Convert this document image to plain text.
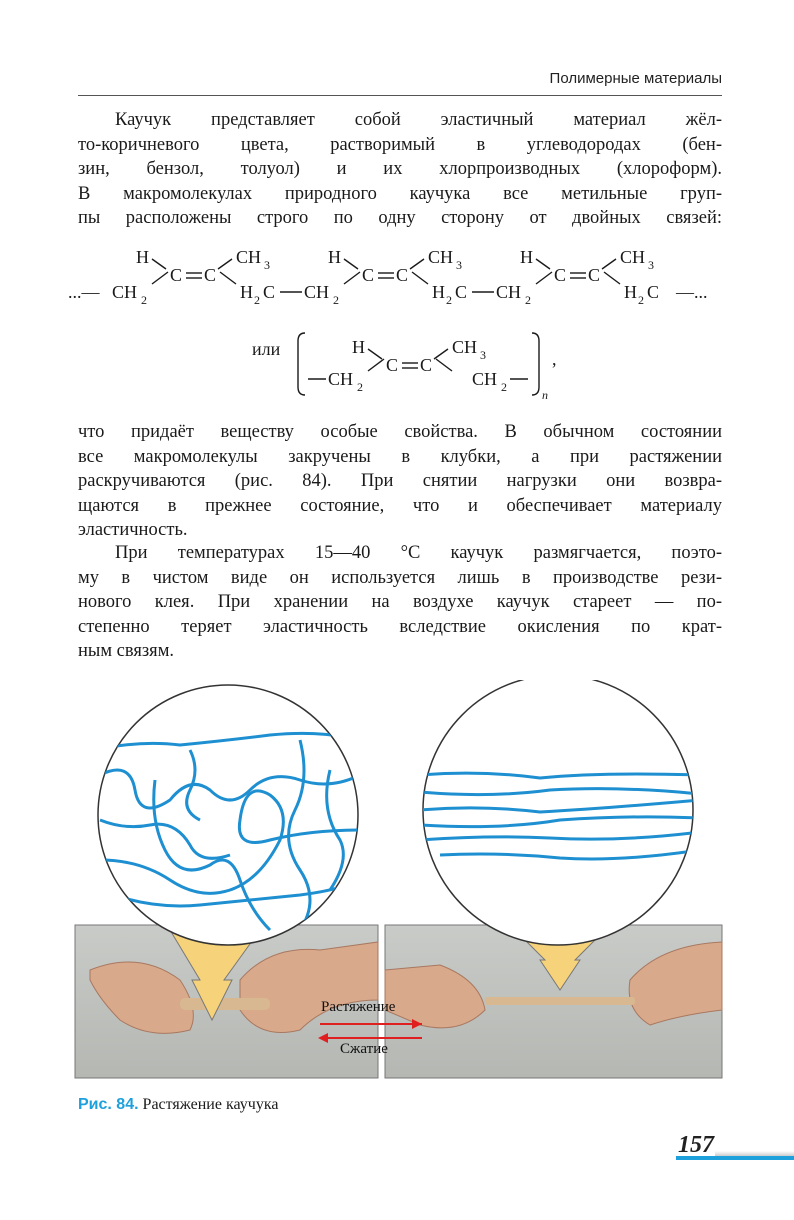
Полимерные материалы
Каучук представляет собой эластичный материал жёл-
то-коричневого цвета, растворимый в углеводородах (бен-
зин, бензол, толуол) и их хлорпроизводных (хлороформ).
В макромолекулах природного каучука все метильные груп-
пы расположены строго по одну сторону от двойных связей:
H
C C
CH 3
CH 2	H 2 C
H
C C
CH 3
CH 2	H 2 C
H
C C
CH 3
CH 2	H 2 C
...—	—...
или
n
,
H
C C
CH 3
CH 2	CH 2
что придаёт веществу особые свойства. В обычном состоянии
все макромолекулы закручены в клубки, а при растяжении
раскручиваются (рис. 84). При снятии нагрузки они возвра-
щаются в прежнее состояние, что и обеспечивает материалу
эластичность.
При температурах 15—40 °С каучук размягчается, поэто-
му в чистом виде он используется лишь в производстве рези-
нового клея. При хранении на воздухе каучук стареет — по-
степенно теряет эластичность вследствие окисления по крат-
ным связям.
Растяжение
Сжатие
Рис. 84. Растяжение каучука
157
